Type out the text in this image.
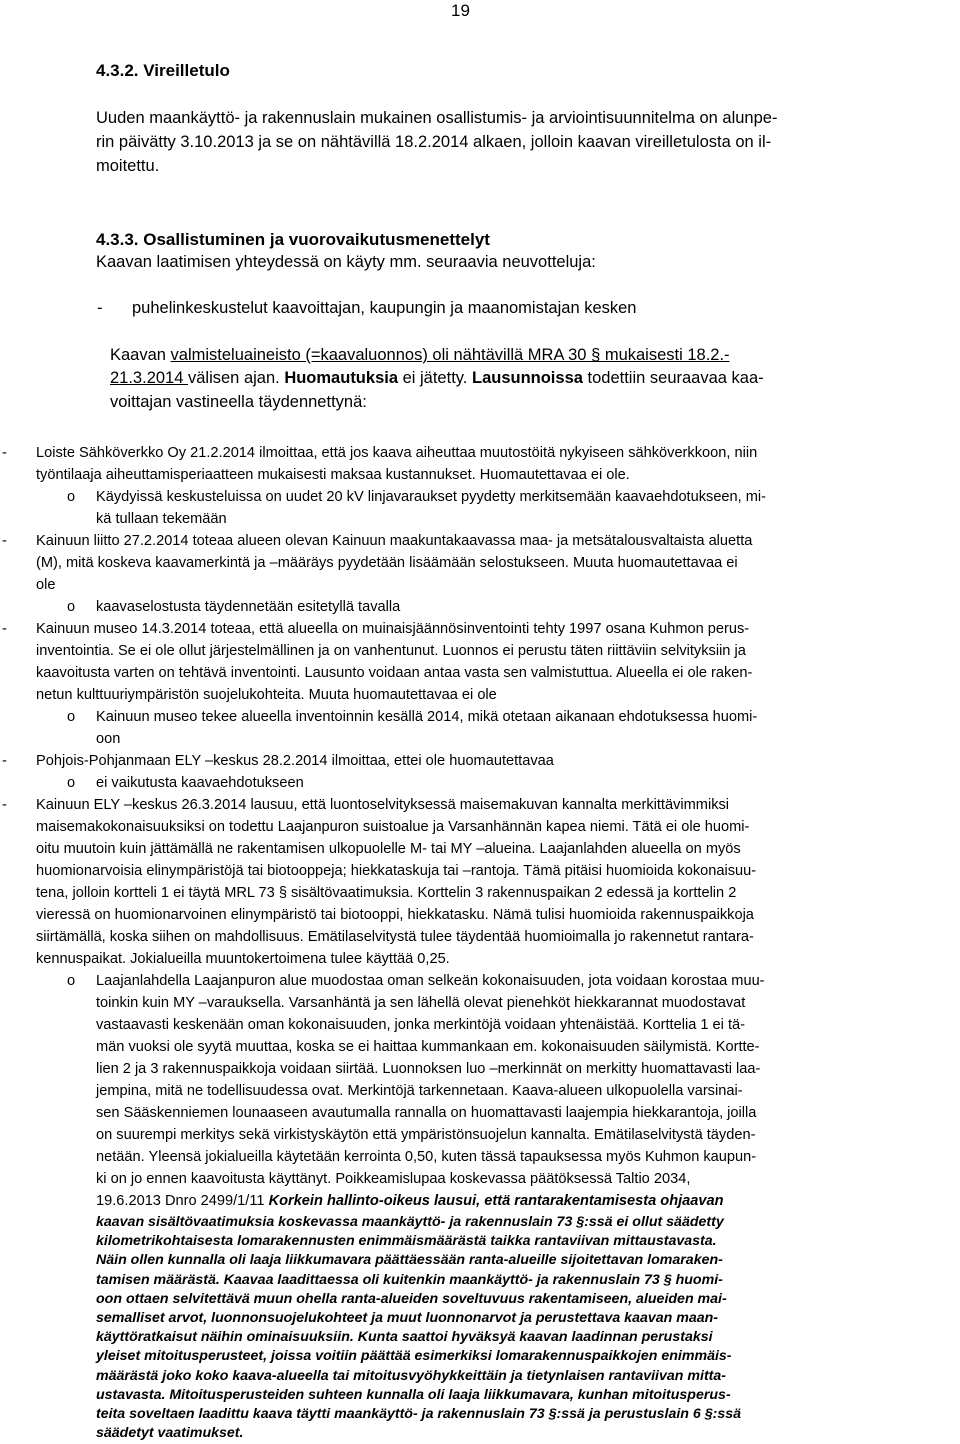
19
4.3.2. Vireilletulo
Uuden maankäyttö- ja rakennuslain mukainen osallistumis- ja arviointisuunnitelma on alunpe-
rin päivätty 3.10.2013 ja se on nähtävillä 18.2.2014 alkaen, jolloin kaavan vireilletulosta on il-
moitettu.
4.3.3. Osallistuminen ja vuorovaikutusmenettelyt
Kaavan laatimisen yhteydessä on käyty mm. seuraavia neuvotteluja:
- puhelinkeskustelut kaavoittajan, kaupungin ja maanomistajan kesken
Kaavan valmisteluaineisto (=kaavaluonnos) oli nähtävillä MRA 30 § mukaisesti 18.2.-
21.3.2014 välisen ajan. Huomautuksia ei jätetty. Lausunnoissa todettiin seuraavaa kaa-
voittajan vastineella täydennettynä:
- Loiste Sähköverkko Oy 21.2.2014 ilmoittaa, että jos kaava aiheuttaa muutostöitä nykyiseen sähköverkkoon, niin
työntilaaja aiheuttamisperiaatteen mukaisesti maksaa kustannukset. Huomautettavaa ei ole.
o Käydyissä keskusteluissa on uudet 20 kV linjavaraukset pyydetty merkitsemään kaavaehdotukseen, mi-
kä tullaan tekemään
- Kainuun liitto 27.2.2014 toteaa alueen olevan Kainuun maakuntakaavassa maa- ja metsätalousvaltaista aluetta
(M), mitä koskeva kaavamerkintä ja –määräys pyydetään lisäämään selostukseen. Muuta huomautettavaa ei
ole
o kaavaselostusta täydennetään esitetyllä tavalla
- Kainuun museo 14.3.2014 toteaa, että alueella on muinaisjäännösinventointi tehty 1997 osana Kuhmon perus-
inventointia. Se ei ole ollut järjestelmällinen ja on vanhentunut. Luonnos ei perustu täten riittäviin selvityksiin ja
kaavoitusta varten on tehtävä inventointi. Lausunto voidaan antaa vasta sen valmistuttua. Alueella ei ole raken-
netun kulttuuriympäristön suojelukohteita. Muuta huomautettavaa ei ole
o Kainuun museo tekee alueella inventoinnin kesällä 2014, mikä otetaan aikanaan ehdotuksessa huomi-
oon
- Pohjois-Pohjanmaan ELY –keskus 28.2.2014 ilmoittaa, ettei ole huomautettavaa
o ei vaikutusta kaavaehdotukseen
- Kainuun ELY –keskus 26.3.2014 lausuu, että luontoselvityksessä maisemakuvan kannalta merkittävimmiksi
maisemakokonaisuuksiksi on todettu Laajanpuron suistoalue ja Varsanhännän kapea niemi. Tätä ei ole huomi-
oitu muutoin kuin jättämällä ne rakentamisen ulkopuolelle M- tai MY –alueina. Laajanlahden alueella on myös
huomionarvoisia elinympäristöjä tai biotooppeja; hiekkataskuja tai –rantoja. Tämä pitäisi huomioida kokonaisuu-
tena, jolloin kortteli 1 ei täytä MRL 73 § sisältövaatimuksia. Korttelin 3 rakennuspaikan 2 edessä ja korttelin 2
vieressä on huomionarvoinen elinympäristö tai biotooppi, hiekkatasku. Nämä tulisi huomioida rakennuspaikkoja
siirtämällä, koska siihen on mahdollisuus. Emätilaselvitystä tulee täydentää huomioimalla jo rakennetut rantara-
kennuspaikat. Jokialueilla muuntokertoimena tulee käyttää 0,25.
o Laajanlahdella Laajanpuron alue muodostaa oman selkeän kokonaisuuden, jota voidaan korostaa muu-
toinkin kuin MY –varauksella. Varsanhäntä ja sen lähellä olevat pienehköt hiekkarannat muodostavat
vastaavasti keskenään oman kokonaisuuden, jonka merkintöjä voidaan yhtenäistää. Korttelia 1 ei tä-
män vuoksi ole syytä muuttaa, koska se ei haittaa kummankaan em. kokonaisuuden säilymistä. Kortte-
lien 2 ja 3 rakennuspaikkoja voidaan siirtää. Luonnoksen luo –merkinnät on merkitty huomattavasti laa-
jempina, mitä ne todellisuudessa ovat. Merkintöjä tarkennetaan. Kaava-alueen ulkopuolella varsinai-
sen Sääskenniemen lounaaseen avautumalla rannalla on huomattavasti laajempia hiekkarantoja, joilla
on suurempi merkitys sekä virkistyskäytön että ympäristönsuojelun kannalta. Emätilaselvitystä täyden-
netään. Yleensä jokialueilla käytetään kerrointa 0,50, kuten tässä tapauksessa myös Kuhmon kaupun-
ki on jo ennen kaavoitusta käyttänyt. Poikkeamislupaa koskevassa päätöksessä Taltio 2034,
19.6.2013 Dnro 2499/1/11 Korkein hallinto-oikeus lausui, että rantarakentamisesta ohjaavan
kaavan sisältövaatimuksia koskevassa maankäyttö- ja rakennuslain 73 §:ssä ei ollut säädetty
kilometrikohtaisesta lomarakennusten enimmäismäärästä taikka rantaviivan mittaustavasta.
Näin ollen kunnalla oli laaja liikkumavara päättäessään ranta-alueille sijoitettavan lomaraken-
tamisen määrästä. Kaavaa laadittaessa oli kuitenkin maankäyttö- ja rakennuslain 73 § huomi-
oon ottaen selvitettävä muun ohella ranta-alueiden soveltuvuus rakentamiseen, alueiden mai-
semalliset arvot, luonnonsuojelukohteet ja muut luonnonarvot ja perustettava kaavan maan-
käyttöratkaisut näihin ominaisuuksiin. Kunta saattoi hyväksyä kaavan laadinnan perustaksi
yleiset mitoitusperusteet, joissa voitiin päättää esimerkiksi lomarakennuspaikkojen enimmäis-
määrästä joko koko kaava-alueella tai mitoitusvyöhykkeittäin ja tietynlaisen rantaviivan mitta-
ustavasta. Mitoitusperusteiden suhteen kunnalla oli laaja liikkumavara, kunhan mitoitusperus-
teita soveltaen laadittu kaava täytti maankäyttö- ja rakennuslain 73 §:ssä ja perustuslain 6 §:ssä
säädetyt vaatimukset.
